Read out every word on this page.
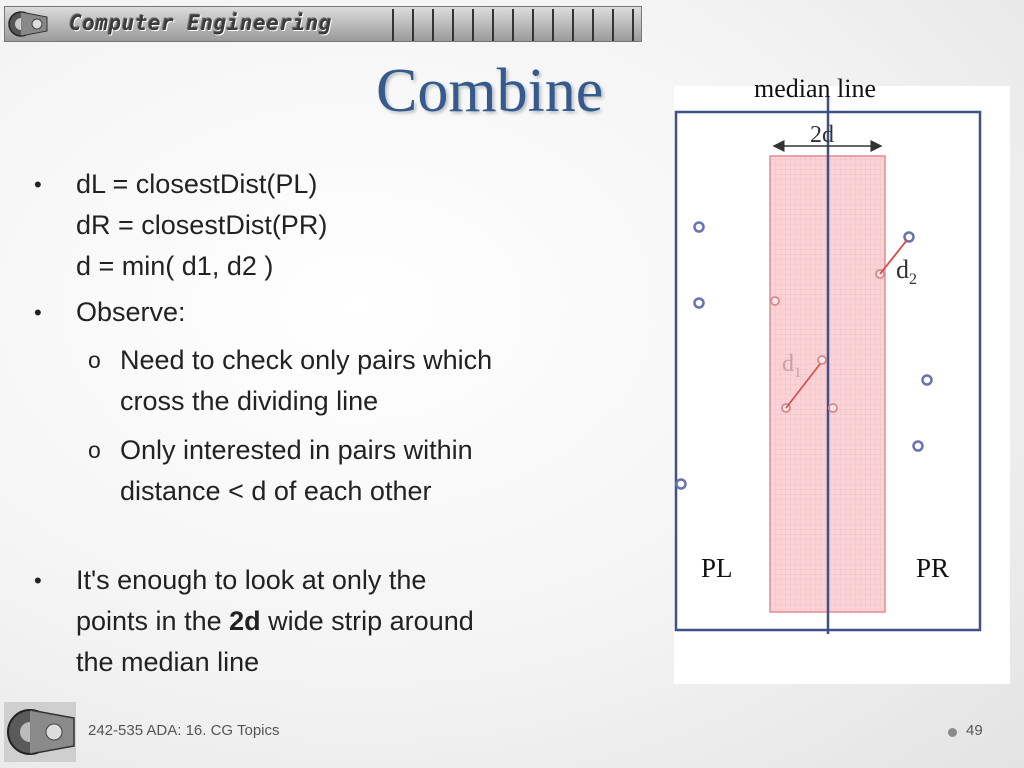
Computer Engineering
Combine
• dL = closestDist(PL)
dR = closestDist(PR)
d = min( d1, d2 )
• Observe:
o Need to check only pairs which
cross the dividing line
o Only interested in pairs within
distance < d of each other
• It's enough to look at only the
points in the 2d wide strip around
the median line
median line
2d
$d_1$
$d_2$
PL	PR
242-535 ADA: 16. CG Topics	49
